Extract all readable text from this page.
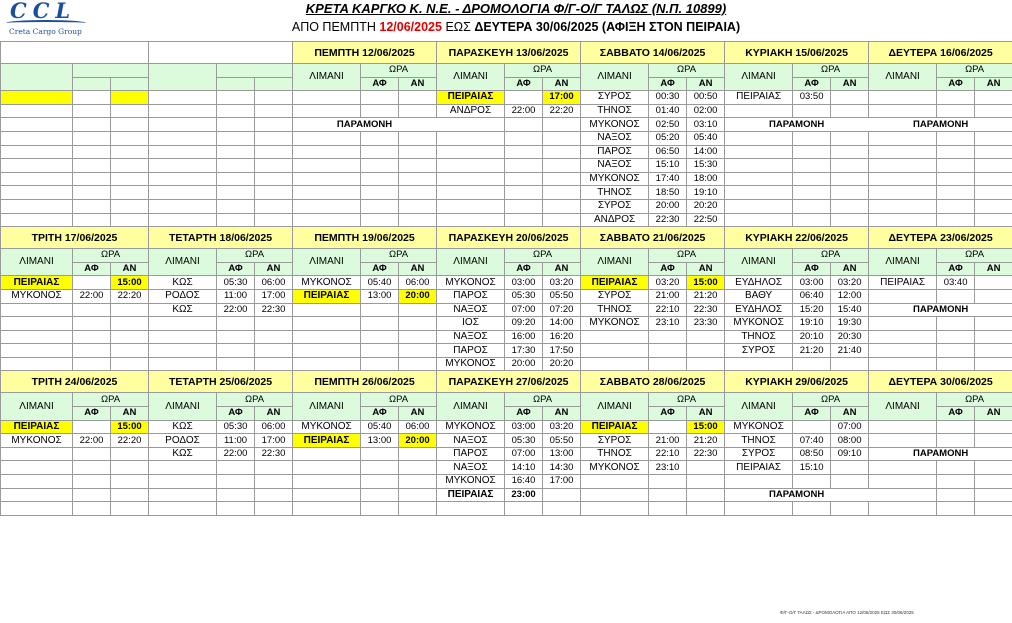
CCL
Creta Cargo Group
ΚΡΕΤΑ ΚΑΡΓΚΟ Κ. Ν.Ε. - ΔΡΟΜΟΛΟΓΙΑ Φ/Γ-Ο/Γ ΤΑΛΩΣ (Ν.Π. 10899)
ΑΠΟ ΠΕΜΠΤΗ 12/06/2025 ΕΩΣ ΔΕΥΤΕΡΑ 30/06/2025 (ΑΦΙΞΗ ΣΤΟΝ ΠΕΙΡΑΙΑ)
						ΠΕΜΠΤΗ 12/06/2025			ΠΑΡΑΣΚΕΥΗ 13/06/2025			ΣΑΒΒΑΤΟ 14/06/2025			ΚΥΡΙΑΚΗ 15/06/2025			ΔΕΥΤΕΡΑ 16/06/2025		
						ΛΙΜΑΝΙ	ΩΡΑ		ΛΙΜΑΝΙ	ΩΡΑ		ΛΙΜΑΝΙ	ΩΡΑ		ΛΙΜΑΝΙ	ΩΡΑ		ΛΙΜΑΝΙ	ΩΡΑ	
							ΑΦ	ΑΝ		ΑΦ	ΑΝ		ΑΦ	ΑΝ		ΑΦ	ΑΝ		ΑΦ	ΑΝ
									ΠΕΙΡΑΙΑΣ		17:00	ΣΥΡΟΣ	00:30	00:50	ΠΕΙΡΑΙΑΣ	03:50				
									ΑΝΔΡΟΣ	22:00	22:20	ΤΗΝΟΣ	01:40	02:00						
						ΠΑΡΑΜΟΝΗ						ΜΥΚΟΝΟΣ	02:50	03:10	ΠΑΡΑΜΟΝΗ			ΠΑΡΑΜΟΝΗ		
												ΝΑΞΟΣ	05:20	05:40						
												ΠΑΡΟΣ	06:50	14:00						
												ΝΑΞΟΣ	15:10	15:30						
												ΜΥΚΟΝΟΣ	17:40	18:00						
												ΤΗΝΟΣ	18:50	19:10						
												ΣΥΡΟΣ	20:00	20:20						
												ΑΝΔΡΟΣ	22:30	22:50						
ΤΡΙΤΗ 17/06/2025			ΤΕΤΑΡΤΗ 18/06/2025			ΠΕΜΠΤΗ 19/06/2025			ΠΑΡΑΣΚΕΥΗ 20/06/2025			ΣΑΒΒΑΤΟ 21/06/2025			ΚΥΡΙΑΚΗ 22/06/2025			ΔΕΥΤΕΡΑ 23/06/2025		
ΛΙΜΑΝΙ	ΩΡΑ		ΛΙΜΑΝΙ	ΩΡΑ		ΛΙΜΑΝΙ	ΩΡΑ		ΛΙΜΑΝΙ	ΩΡΑ		ΛΙΜΑΝΙ	ΩΡΑ		ΛΙΜΑΝΙ	ΩΡΑ		ΛΙΜΑΝΙ	ΩΡΑ	
	ΑΦ	ΑΝ		ΑΦ	ΑΝ		ΑΦ	ΑΝ		ΑΦ	ΑΝ		ΑΦ	ΑΝ		ΑΦ	ΑΝ		ΑΦ	ΑΝ
ΠΕΙΡΑΙΑΣ		15:00	ΚΩΣ	05:30	06:00	ΜΥΚΟΝΟΣ	05:40	06:00	ΜΥΚΟΝΟΣ	03:00	03:20	ΠΕΙΡΑΙΑΣ	03:20	15:00	ΕΥΔΗΛΟΣ	03:00	03:20	ΠΕΙΡΑΙΑΣ	03:40	
ΜΥΚΟΝΟΣ	22:00	22:20	ΡΟΔΟΣ	11:00	17:00	ΠΕΙΡΑΙΑΣ	13:00	20:00	ΠΑΡΟΣ	05:30	05:50	ΣΥΡΟΣ	21:00	21:20	ΒΑΘΥ	06:40	12:00			
			ΚΩΣ	22:00	22:30				ΝΑΞΟΣ	07:00	07:20	ΤΗΝΟΣ	22:10	22:30	ΕΥΔΗΛΟΣ	15:20	15:40	ΠΑΡΑΜΟΝΗ		
									ΙΟΣ	09:20	14:00	ΜΥΚΟΝΟΣ	23:10	23:30	ΜΥΚΟΝΟΣ	19:10	19:30			
									ΝΑΞΟΣ	16:00	16:20				ΤΗΝΟΣ	20:10	20:30			
									ΠΑΡΟΣ	17:30	17:50				ΣΥΡΟΣ	21:20	21:40			
									ΜΥΚΟΝΟΣ	20:00	20:20									
ΤΡΙΤΗ 24/06/2025			ΤΕΤΑΡΤΗ 25/06/2025			ΠΕΜΠΤΗ 26/06/2025			ΠΑΡΑΣΚΕΥΗ 27/06/2025			ΣΑΒΒΑΤΟ 28/06/2025			ΚΥΡΙΑΚΗ 29/06/2025			ΔΕΥΤΕΡΑ 30/06/2025		
ΛΙΜΑΝΙ	ΩΡΑ		ΛΙΜΑΝΙ	ΩΡΑ		ΛΙΜΑΝΙ	ΩΡΑ		ΛΙΜΑΝΙ	ΩΡΑ		ΛΙΜΑΝΙ	ΩΡΑ		ΛΙΜΑΝΙ	ΩΡΑ		ΛΙΜΑΝΙ	ΩΡΑ	
	ΑΦ	ΑΝ		ΑΦ	ΑΝ		ΑΦ	ΑΝ		ΑΦ	ΑΝ		ΑΦ	ΑΝ		ΑΦ	ΑΝ		ΑΦ	ΑΝ
ΠΕΙΡΑΙΑΣ		15:00	ΚΩΣ	05:30	06:00	ΜΥΚΟΝΟΣ	05:40	06:00	ΜΥΚΟΝΟΣ	03:00	03:20	ΠΕΙΡΑΙΑΣ		15:00	ΜΥΚΟΝΟΣ		07:00			
ΜΥΚΟΝΟΣ	22:00	22:20	ΡΟΔΟΣ	11:00	17:00	ΠΕΙΡΑΙΑΣ	13:00	20:00	ΝΑΞΟΣ	05:30	05:50	ΣΥΡΟΣ	21:00	21:20	ΤΗΝΟΣ	07:40	08:00			
			ΚΩΣ	22:00	22:30				ΠΑΡΟΣ	07:00	13:00	ΤΗΝΟΣ	22:10	22:30	ΣΥΡΟΣ	08:50	09:10	ΠΑΡΑΜΟΝΗ		
									ΝΑΞΟΣ	14:10	14:30	ΜΥΚΟΝΟΣ	23:10		ΠΕΙΡΑΙΑΣ	15:10				
									ΜΥΚΟΝΟΣ	16:40	17:00									
									ΠΕΙΡΑΙΑΣ	23:00					ΠΑΡΑΜΟΝΗ					

Φ/Γ-Ο/Γ ΤΑΛΩΣ - ΔΡΟΜΟΛΟΓΙΑ ΑΠΟ 12/06/2025 ΕΩΣ 30/06/2025
